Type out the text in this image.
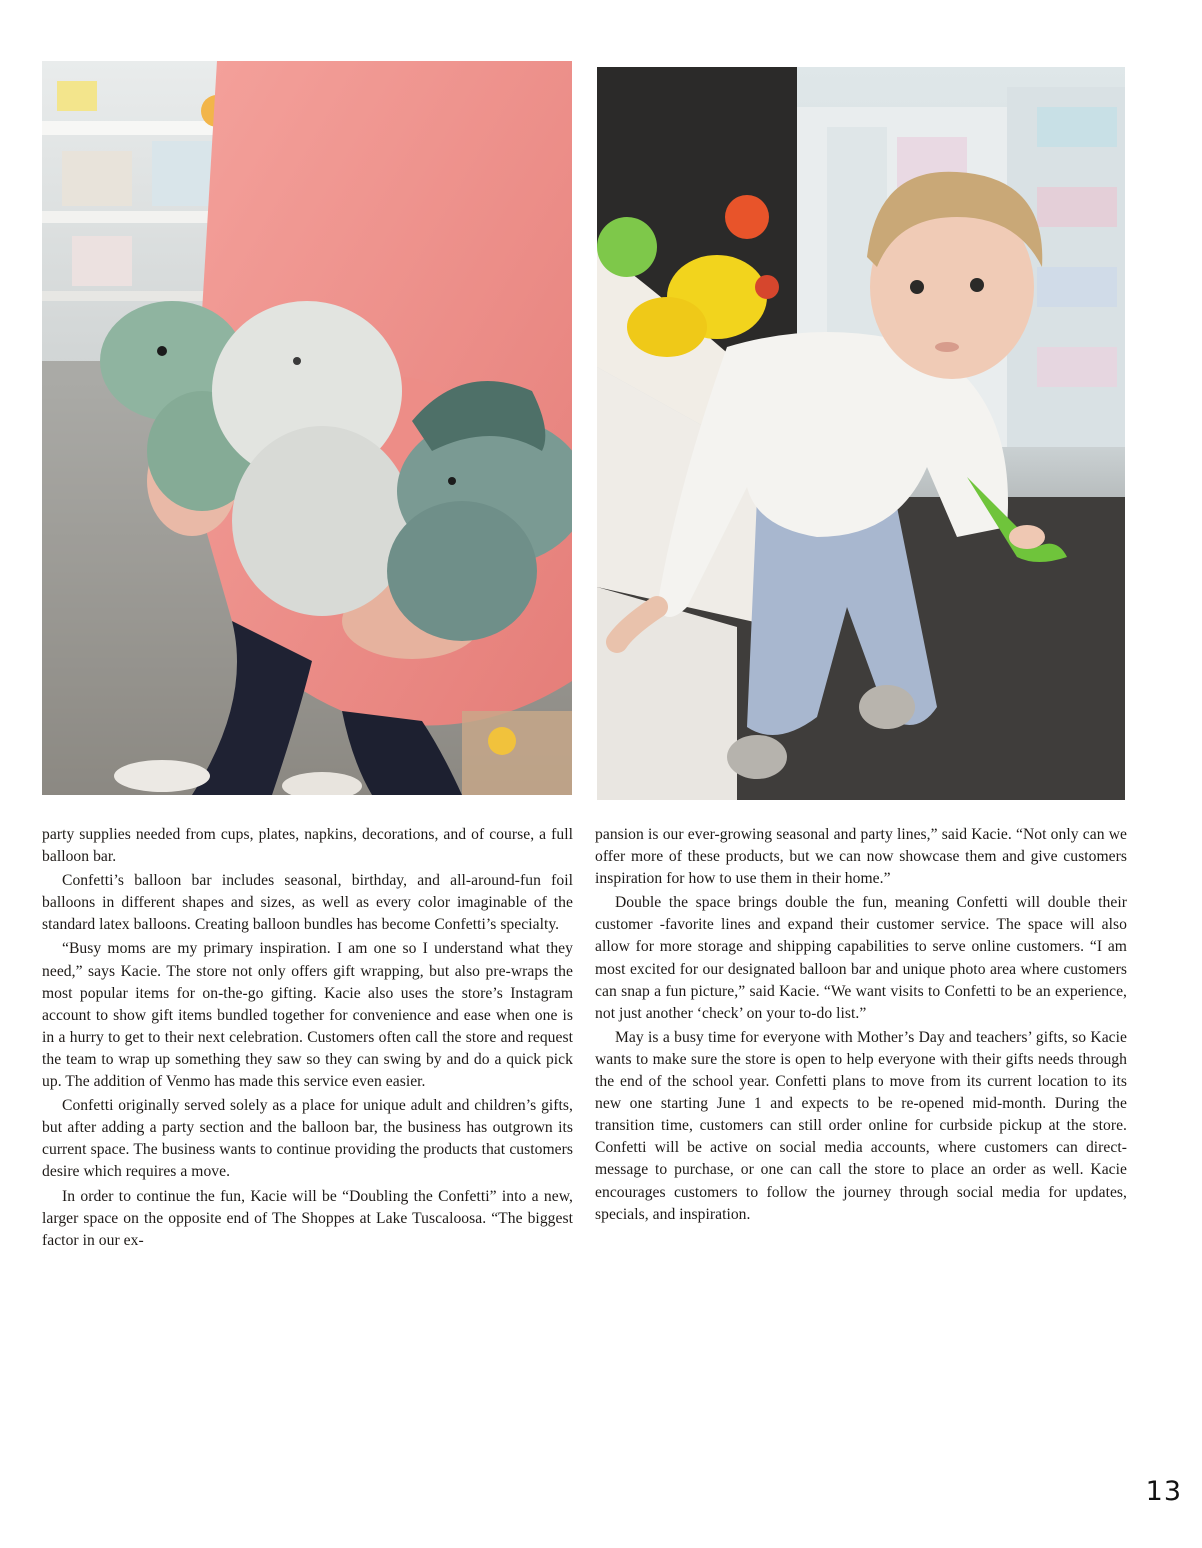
party supplies needed from cups, plates, napkins, decorations, and of course, a full balloon bar.

Confetti’s balloon bar includes seasonal, birthday, and all-around-fun foil balloons in different shapes and sizes, as well as every color imaginable of the standard latex balloons. Creating balloon bundles has become Confetti’s specialty.

“Busy moms are my primary inspiration. I am one so I understand what they need,” says Kacie. The store not only offers gift wrapping, but also pre-wraps the most popular items for on-the-go gifting. Kacie also uses the store’s Instagram account to show gift items bundled together for convenience and ease when one is in a hurry to get to their next celebration. Customers often call the store and request the team to wrap up something they saw so they can swing by and do a quick pick up. The addition of Venmo has made this service even easier.

Confetti originally served solely as a place for unique adult and children’s gifts, but after adding a party section and the balloon bar, the business has outgrown its current space. The business wants to continue providing the products that customers desire which requires a move.

In order to continue the fun, Kacie will be “Doubling the Confetti” into a new, larger space on the opposite end of The Shoppes at Lake Tuscaloosa. “The biggest factor in our ex-

pansion is our ever-growing seasonal and party lines,” said Kacie. “Not only can we offer more of these products, but we can now showcase them and give customers inspiration for how to use them in their home.”

Double the space brings double the fun, meaning Confetti will double their customer -favorite lines and expand their customer service. The space will also allow for more storage and shipping capabilities to serve online customers. “I am most excited for our designated balloon bar and unique photo area where customers can snap a fun picture,” said Kacie. “We want visits to Confetti to be an experience, not just another ‘check’ on your to-do list.”

May is a busy time for everyone with Mother’s Day and teachers’ gifts, so Kacie wants to make sure the store is open to help everyone with their gifts needs through the end of the school year. Confetti plans to move from its current location to its new one starting June 1 and expects to be re-opened mid-month. During the transition time, customers can still order online for curbside pickup at the store. Confetti will be active on social media accounts, where customers can direct-message to purchase, or one can call the store to place an order as well. Kacie encourages customers to follow the journey through social media for updates, specials, and inspiration.

13
